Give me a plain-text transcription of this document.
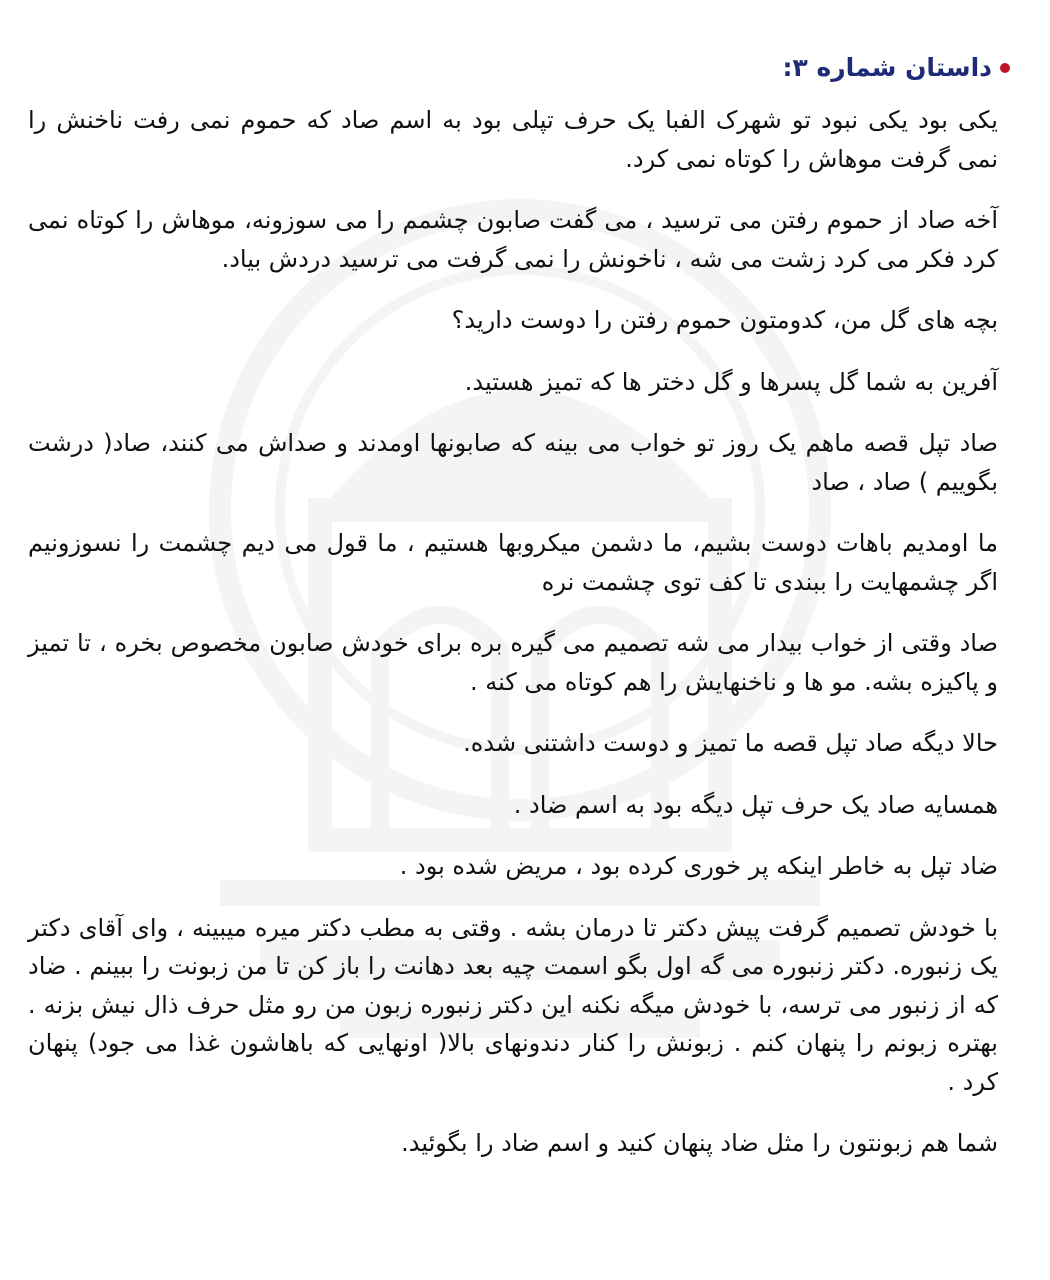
داستان شماره ۳:

یکی بود یکی نبود تو شهرک الفبا یک حرف تپلی بود به اسم صاد که حموم نمی رفت ناخنش را نمی گرفت موهاش را کوتاه نمی کرد.

آخه صاد از حموم رفتن می ترسید ، می گفت صابون چشمم را می سوزونه، موهاش را کوتاه نمی کرد فکر می کرد زشت می شه ، ناخونش را نمی گرفت می ترسید دردش بیاد.

بچه های گل من، کدومتون حموم رفتن را دوست دارید؟

آفرین به شما گل پسرها و گل دختر ها که تمیز هستید.

صاد تپل قصه ماهم یک روز تو خواب می بینه که صابونها اومدند و صداش می کنند، صاد( درشت بگوییم ) صاد ، صاد

ما اومدیم باهات دوست بشیم، ما دشمن میکروبها هستیم ، ما قول می دیم چشمت را نسوزونیم اگر چشمهایت را ببندی تا کف توی چشمت نره

صاد وقتی از خواب بیدار می شه تصمیم می گیره بره برای خودش صابون مخصوص بخره ، تا تمیز و پاکیزه بشه. مو ها و ناخنهایش را هم کوتاه می کنه .

حالا دیگه صاد تپل قصه ما تمیز و دوست داشتنی شده.

همسایه صاد یک حرف تپل دیگه بود به اسم ضاد .

ضاد تپل به خاطر اینکه پر خوری کرده بود ، مریض شده بود .

با خودش تصمیم گرفت پیش دکتر تا درمان بشه . وقتی به مطب دکتر میره میبینه ، وای آقای دکتر یک زنبوره. دکتر زنبوره می گه اول بگو اسمت چیه بعد دهانت را باز کن تا من زبونت را ببینم . ضاد که از زنبور می ترسه، با خودش میگه نکنه این دکتر زنبوره زبون من رو مثل حرف ذال نیش بزنه . بهتره زبونم را پنهان کنم . زبونش را کنار دندونهای بالا( اونهایی که باهاشون غذا می جود) پنهان کرد .

شما هم زبونتون را مثل ضاد پنهان کنید و اسم ضاد را بگوئید.
